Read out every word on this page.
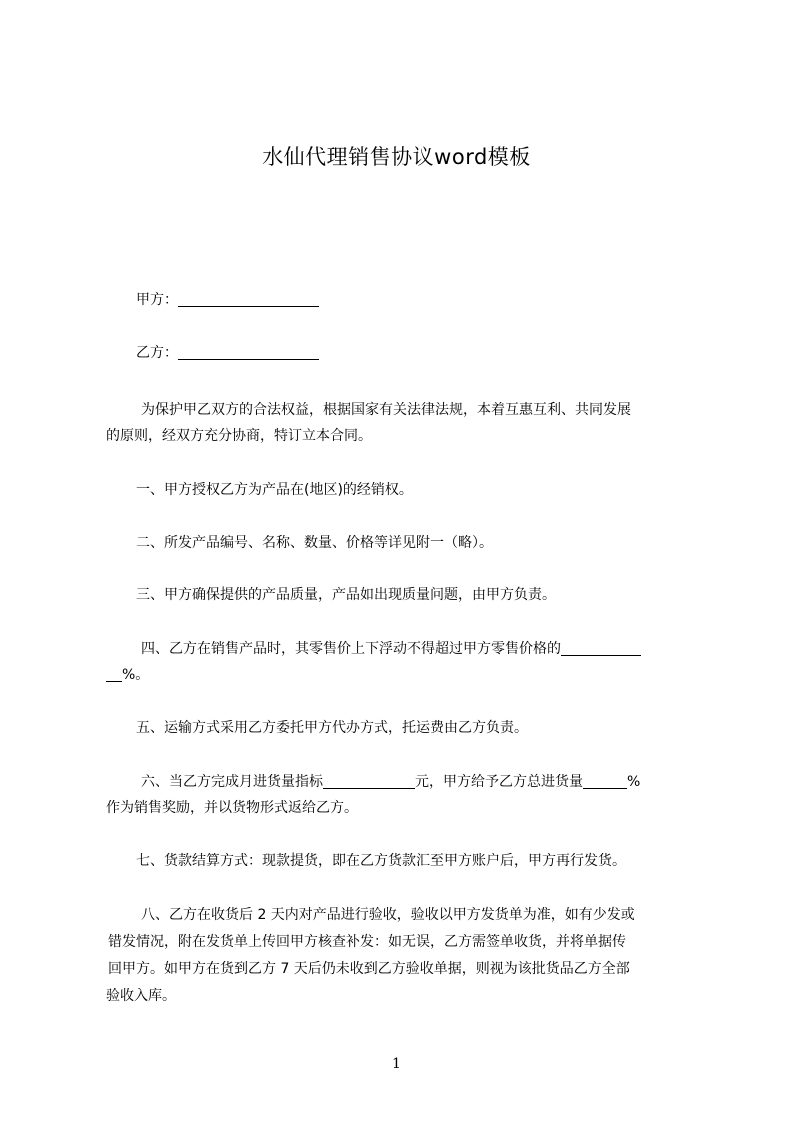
水仙代理销售协议word模板
甲方：
乙方：
为保护甲乙双方的合法权益，根据国家有关法律法规，本着互惠互利、共同发展
的原则，经双方充分协商，特订立本合同。
一、甲方授权乙方为产品在(地区)的经销权。
二、所发产品编号、名称、数量、价格等详见附一（略）。
三、甲方确保提供的产品质量，产品如出现质量问题，由甲方负责。
四、乙方在销售产品时，其零售价上下浮动不得超过甲方零售价格的
%。
五、运输方式采用乙方委托甲方代办方式，托运费由乙方负责。
六、当乙方完成月进货量指标	元，甲方给予乙方总进货量	%
作为销售奖励，并以货物形式返给乙方。
七、货款结算方式：现款提货，即在乙方货款汇至甲方账户后，甲方再行发货。
八、乙方在收货后 2 天内对产品进行验收，验收以甲方发货单为准，如有少发或
错发情况，附在发货单上传回甲方核查补发：如无误，乙方需签单收货，并将单据传
回甲方。如甲方在货到乙方 7 天后仍未收到乙方验收单据，则视为该批货品乙方全部
验收入库。
1
